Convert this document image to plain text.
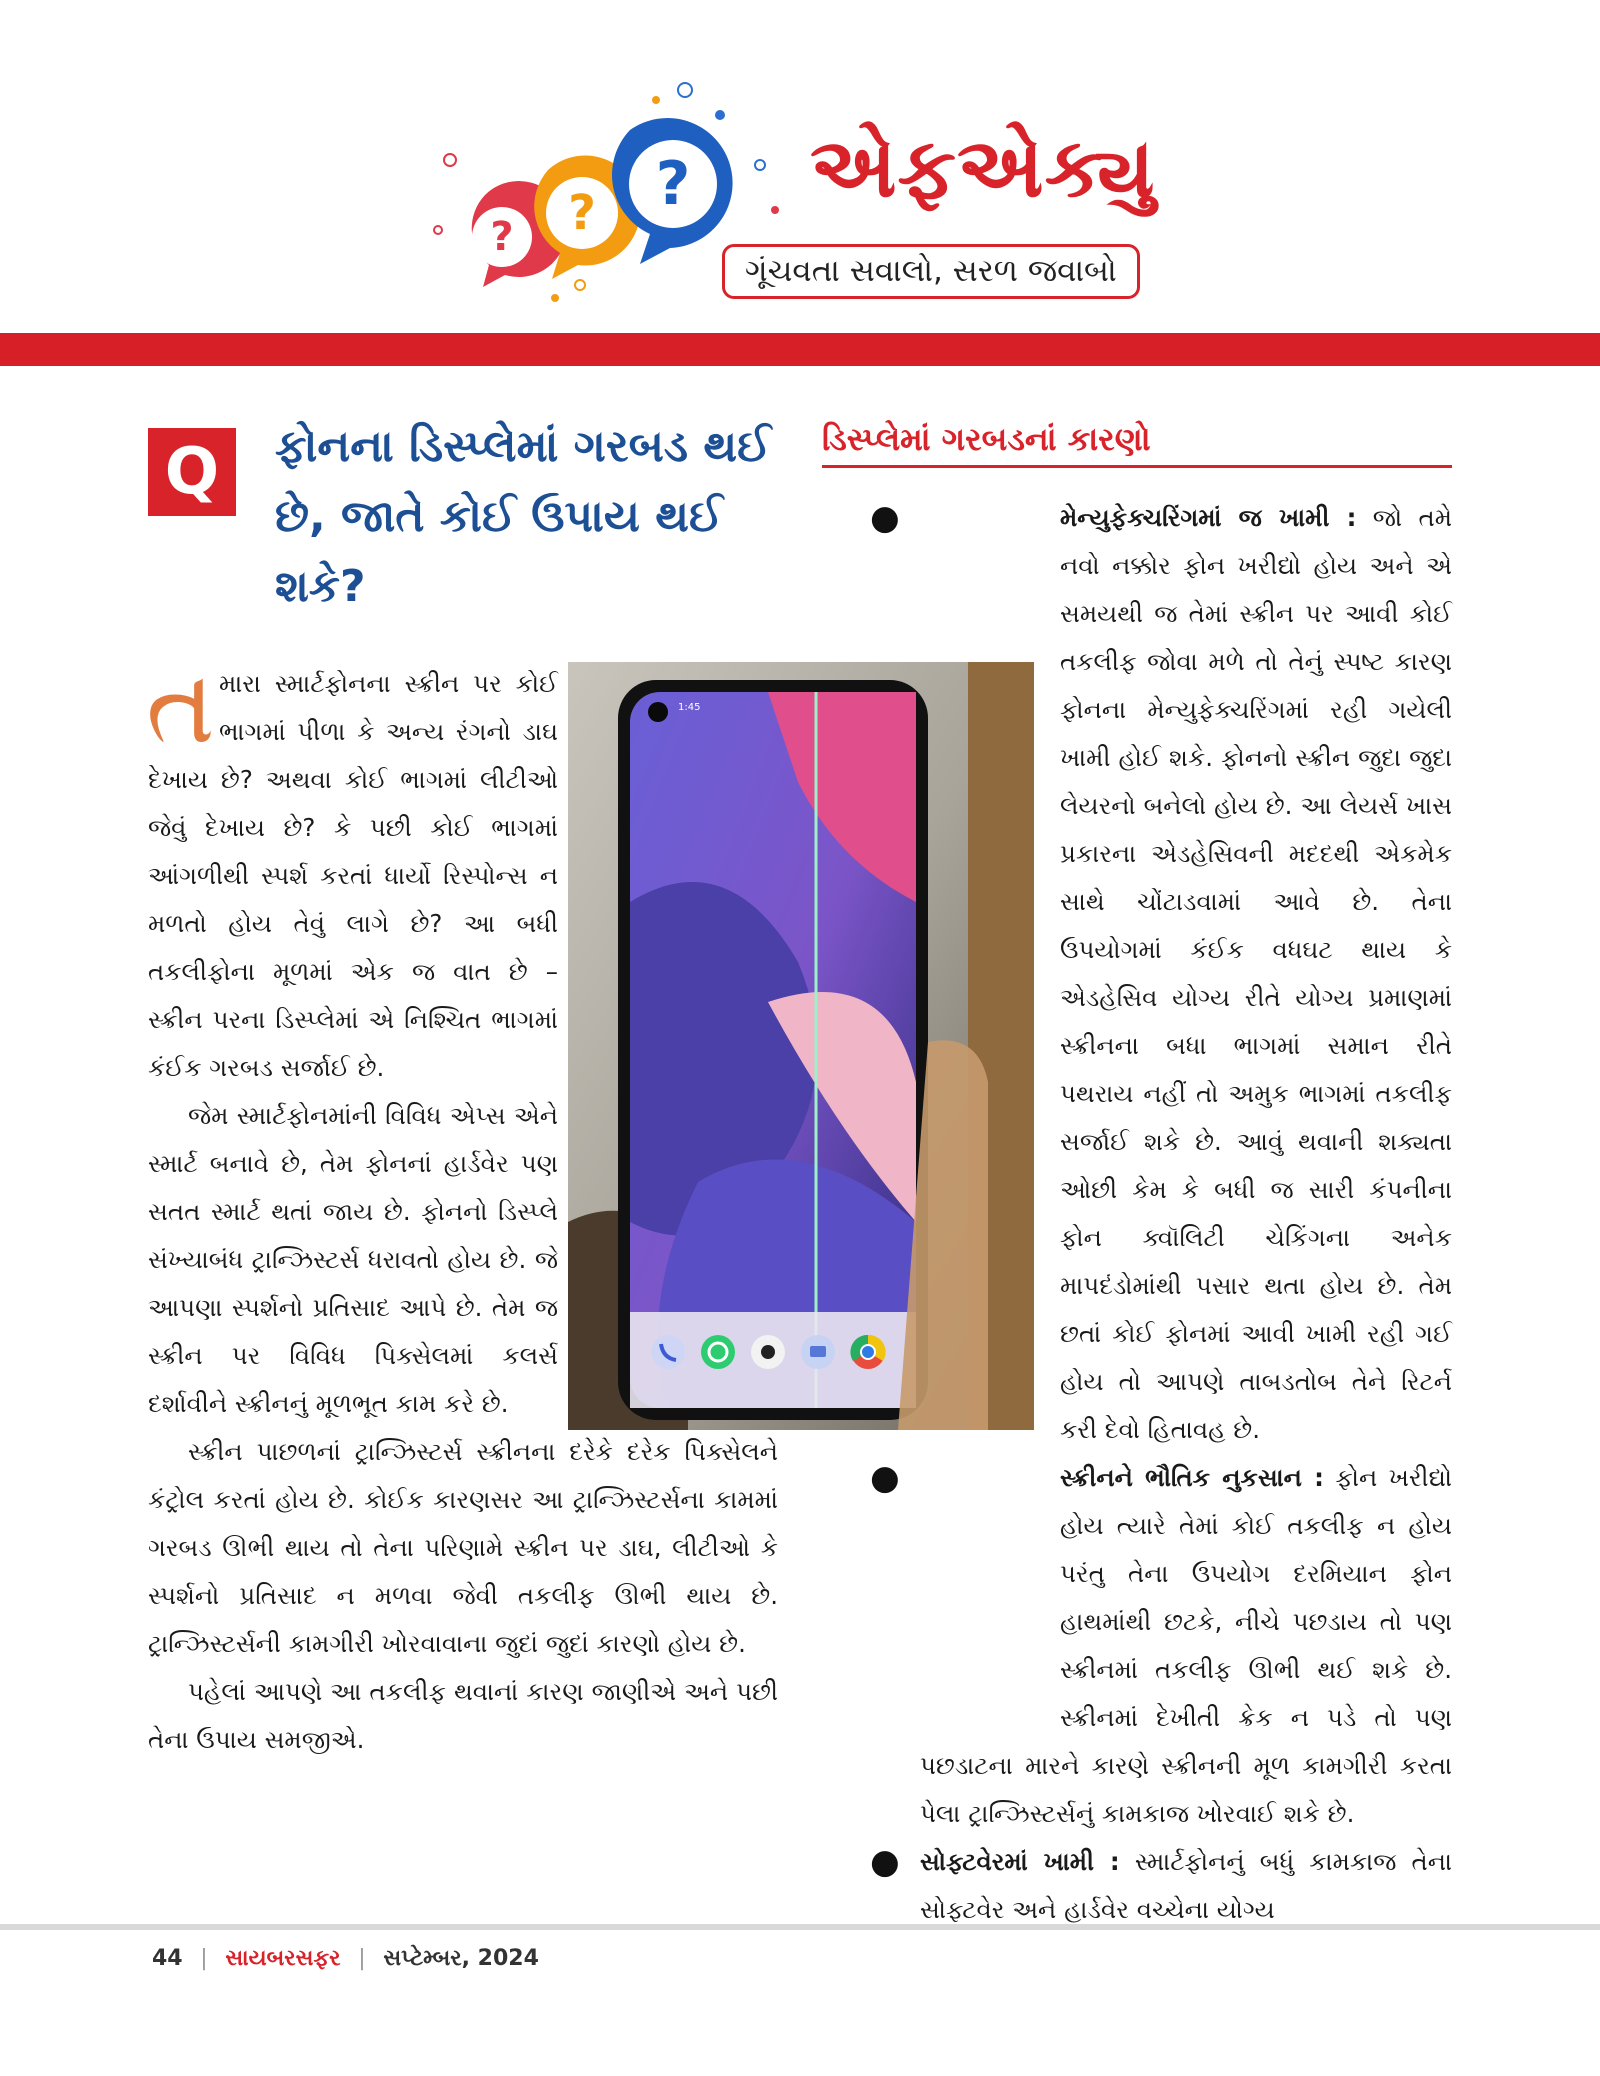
? ? ? એફએક્યુ
ગૂંચવતા સવાલો, સરળ જવાબો
Q	ફોનના ડિસ્પ્લેમાં ગરબડ થઈ છે, જાતે કોઈ ઉપાય થઈ શકે?

તમારા સ્માર્ટફોનના સ્ક્રીન પર કોઈ ભાગમાં પીળા કે અન્ય રંગનો ડાઘ દેખાય છે? અથવા કોઈ ભાગમાં લીટીઓ જેવું દેખાય છે? કે પછી કોઈ ભાગમાં આંગળીથી સ્પર્શ કરતાં ધાર્યો રિસ્પોન્સ ન મળતો હોય તેવું લાગે છે? આ બધી તકલીફોના મૂળમાં એક જ વાત છે – સ્ક્રીન પરના ડિસ્પ્લેમાં એ નિશ્ચિત ભાગમાં કંઈક ગરબડ સર્જાઈ છે.

જેમ સ્માર્ટફોનમાંની વિવિધ એપ્સ એને સ્માર્ટ બનાવે છે, તેમ ફોનનાં હાર્ડવેર પણ સતત સ્માર્ટ થતાં જાય છે. ફોનનો ડિસ્પ્લે સંખ્યાબંધ ટ્રાન્ઝિસ્ટર્સ ધરાવતો હોય છે. જે આપણા સ્પર્શનો પ્રતિસાદ આપે છે. તેમ જ સ્ક્રીન પર વિવિધ પિક્સેલમાં કલર્સ દર્શાવીને સ્ક્રીનનું મૂળભૂત કામ કરે છે.

સ્ક્રીન પાછળનાં ટ્રાન્ઝિસ્ટર્સ સ્ક્રીનના દરેકે દરેક પિક્સેલને કંટ્રોલ કરતાં હોય છે. કોઈક કારણસર આ ટ્રાન્ઝિસ્ટર્સના કામમાં ગરબડ ઊભી થાય તો તેના પરિણામે સ્ક્રીન પર ડાઘ, લીટીઓ કે સ્પર્શનો પ્રતિસાદ ન મળવા જેવી તકલીફ ઊભી થાય છે. ટ્રાન્ઝિસ્ટર્સની કામગીરી ખોરવાવાના જુદાં જુદાં કારણો હોય છે.

પહેલાં આપણે આ તકલીફ થવાનાં કારણ જાણીએ અને પછી તેના ઉપાય સમજીએ.

1:45
ડિસ્પ્લેમાં ગરબડનાં કારણો

●	મેન્યુફેક્ચરિંગમાં જ ખામી : જો તમે નવો નક્કોર ફોન ખરીદ્યો હોય અને એ સમયથી જ તેમાં સ્ક્રીન પર આવી કોઈ તકલીફ જોવા મળે તો તેનું સ્પષ્ટ કારણ ફોનના મેન્યુફેક્ચરિંગમાં રહી ગયેલી ખામી હોઈ શકે. ફોનનો સ્ક્રીન જુદા જુદા લેયરનો બનેલો હોય છે. આ લેયર્સ ખાસ પ્રકારના એડહેસિવની મદદથી એકમેક સાથે ચોંટાડવામાં આવે છે. તેના ઉપયોગમાં કંઈક વધઘટ થાય કે એડહેસિવ યોગ્ય રીતે યોગ્ય પ્રમાણમાં સ્ક્રીનના બધા ભાગમાં સમાન રીતે પથરાય નહીં તો અમુક ભાગમાં તકલીફ સર્જાઈ શકે છે. આવું થવાની શક્યતા ઓછી કેમ કે બધી જ સારી કંપનીના ફોન ક્વૉલિટી ચેકિંગના અનેક માપદંડોમાંથી પસાર થતા હોય છે. તેમ છતાં કોઈ ફોનમાં આવી ખામી રહી ગઈ હોય તો આપણે તાબડતોબ તેને રિટર્ન કરી દેવો હિતાવહ છે.

●	સ્ક્રીનને ભૌતિક નુકસાન : ફોન ખરીદ્યો હોય ત્યારે તેમાં કોઈ તકલીફ ન હોય પરંતુ તેના ઉપયોગ દરમિયાન ફોન હાથમાંથી છટકે, નીચે પછડાય તો પણ સ્ક્રીનમાં તકલીફ ઊભી થઈ શકે છે. સ્ક્રીનમાં દેખીતી ક્રેક ન પડે તો પણ પછડાટના મારને કારણે સ્ક્રીનની મૂળ કામગીરી કરતા પેલા ટ્રાન્ઝિસ્ટર્સનું કામકાજ ખોરવાઈ શકે છે.

● સોફ્ટવેરમાં ખામી : સ્માર્ટફોનનું બધું કામકાજ તેના સોફ્ટવેર અને હાર્ડવેર વચ્ચેના યોગ્ય

44 | સાયબરસફર | સપ્ટેમ્બર, 2024
